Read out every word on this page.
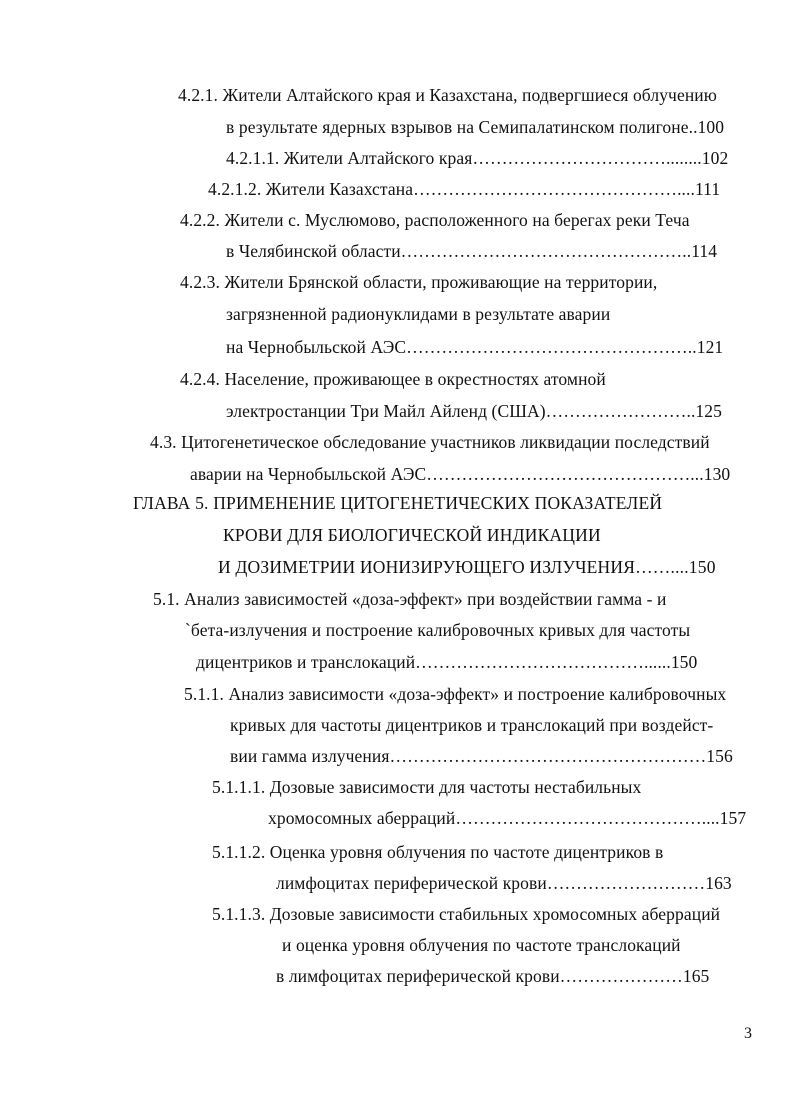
4.2.1. Жители Алтайского края и Казахстана, подвергшиеся облучению
в результате ядерных взрывов на Семипалатинском полигоне..100
4.2.1.1. Жители Алтайского края……………………………........102
4.2.1.2. Жители Казахстана………………………………………....111
4.2.2. Жители с. Муслюмово, расположенного на берегах реки Теча
в Челябинской области…………………………………………..114
4.2.3. Жители Брянской области, проживающие на территории,
загрязненной радионуклидами в результате аварии
на Чернобыльской АЭС…………………………………………..121
4.2.4. Население, проживающее в окрестностях атомной
электростанции Три Майл Айленд (США)……………………..125
4.3. Цитогенетическое обследование участников ликвидации последствий
аварии на Чернобыльской АЭС………………………………………...130
ГЛАВА 5. ПРИМЕНЕНИЕ ЦИТОГЕНЕТИЧЕСКИХ ПОКАЗАТЕЛЕЙ
КРОВИ ДЛЯ БИОЛОГИЧЕСКОЙ ИНДИКАЦИИ
И ДОЗИМЕТРИИ ИОНИЗИРУЮЩЕГО ИЗЛУЧЕНИЯ……....150
5.1. Анализ зависимостей «доза-эффект» при воздействии гамма - и
`бета-излучения и построение калибровочных кривых для частоты
дицентриков и транслокаций…………………………………......150
5.1.1. Анализ зависимости «доза-эффект» и построение калибровочных
кривых для частоты дицентриков и транслокаций при воздейст-
вии гамма излучения………………………………………………156
5.1.1.1. Дозовые зависимости для частоты нестабильных
хромосомных аберраций……………………………………....157
5.1.1.2. Оценка уровня облучения по частоте дицентриков в
лимфоцитах периферической крови………………………163
5.1.1.3. Дозовые зависимости стабильных хромосомных аберраций
и оценка уровня облучения по частоте транслокаций
в лимфоцитах периферической крови…………………165
3
